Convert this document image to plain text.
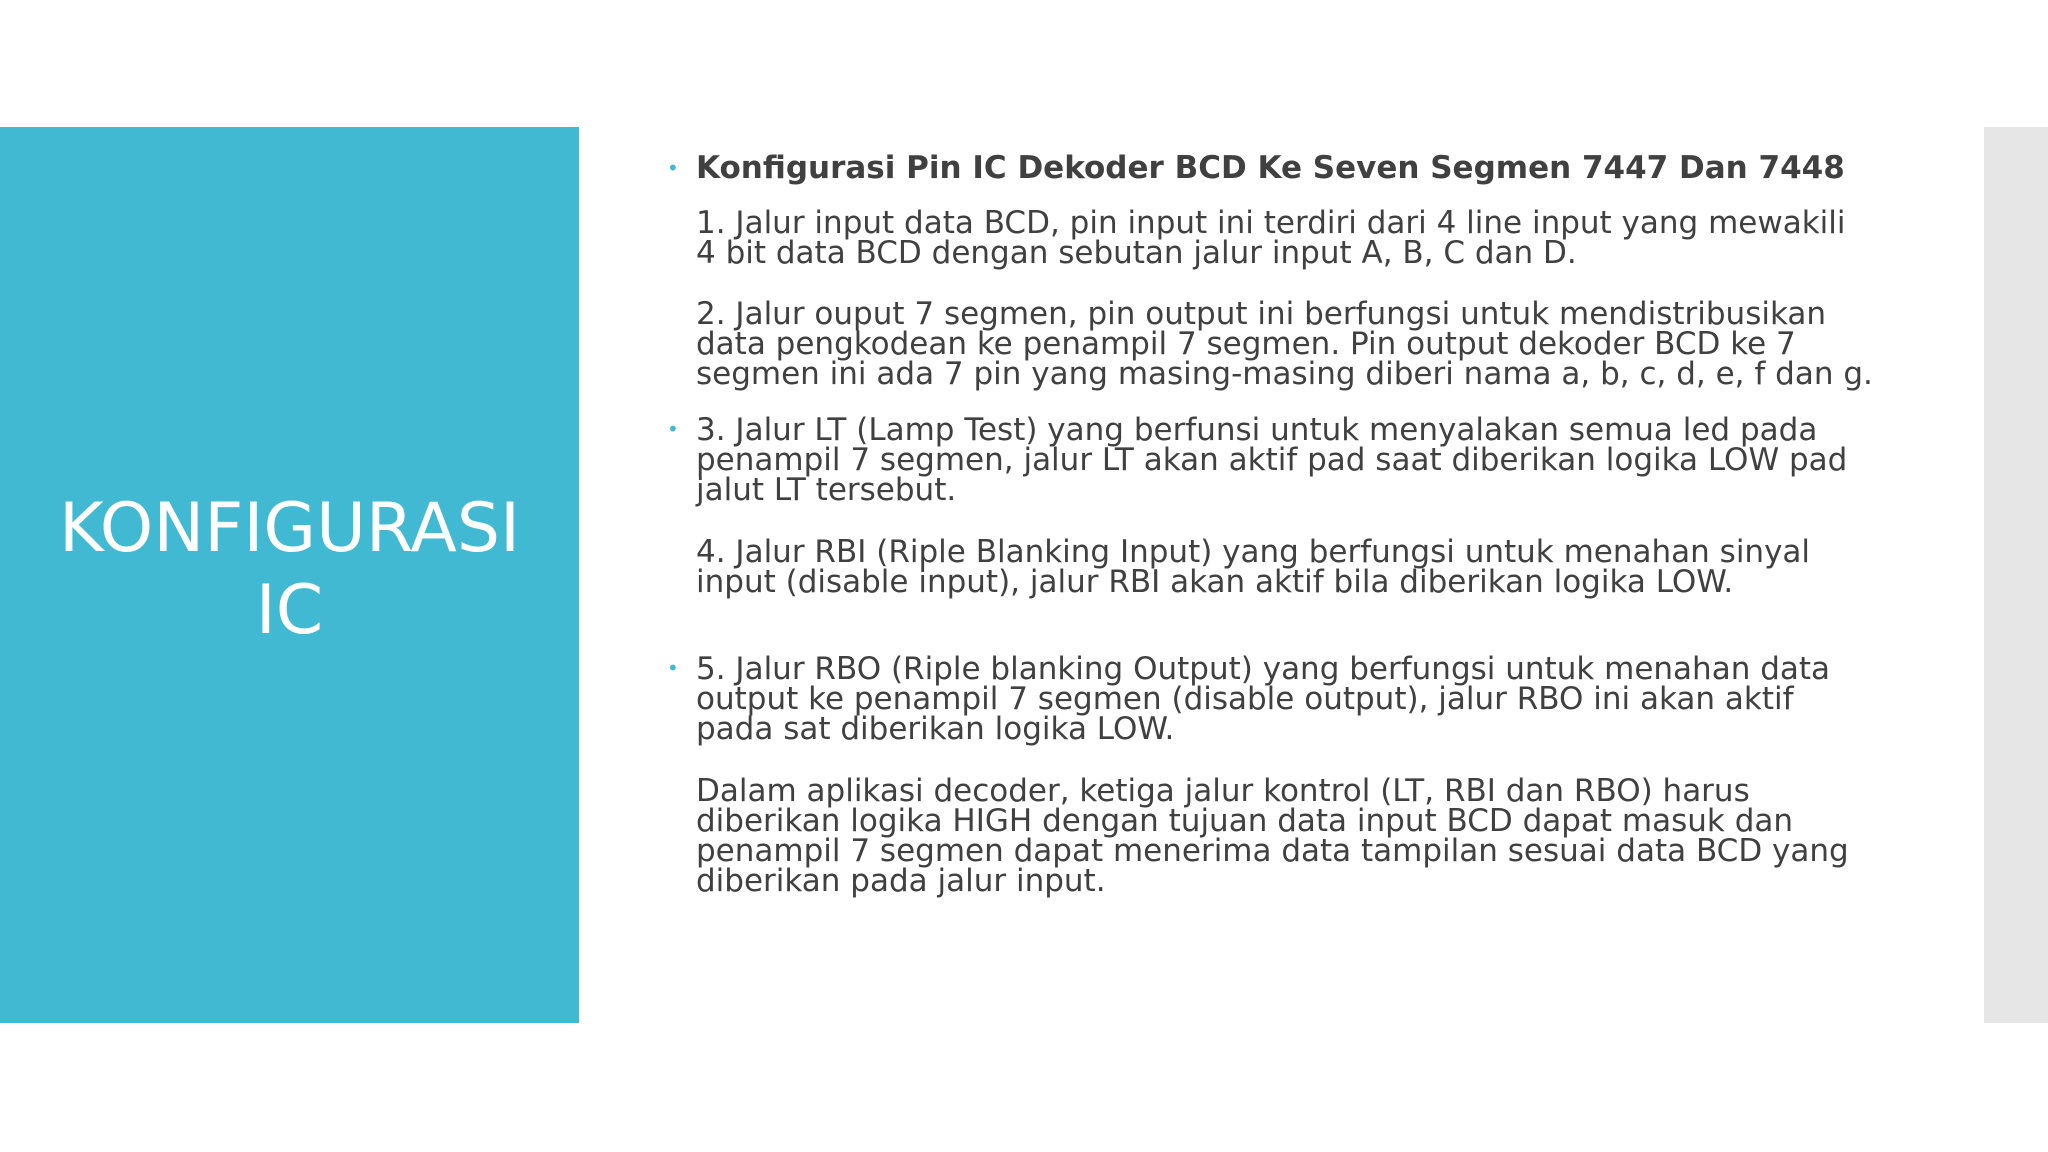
KONFIGURASI
IC
• Konfigurasi Pin IC Dekoder BCD Ke Seven Segmen 7447 Dan 7448

1. Jalur input data BCD, pin input ini terdiri dari 4 line input yang mewakili 4 bit data BCD dengan sebutan jalur input A, B, C dan D.

2. Jalur ouput 7 segmen, pin output ini berfungsi untuk mendistribusikan data pengkodean ke penampil 7 segmen. Pin output dekoder BCD ke 7 segmen ini ada 7 pin yang masing-masing diberi nama a, b, c, d, e, f dan g.

• 3. Jalur LT (Lamp Test) yang berfunsi untuk menyalakan semua led pada penampil 7 segmen, jalur LT akan aktif pad saat diberikan logika LOW pad jalut LT tersebut.

4. Jalur RBI (Riple Blanking Input) yang berfungsi untuk menahan sinyal input (disable input), jalur RBI akan aktif bila diberikan logika LOW.

• 5. Jalur RBO (Riple blanking Output) yang berfungsi untuk menahan data output ke penampil 7 segmen (disable output), jalur RBO ini akan aktif pada sat diberikan logika LOW.

Dalam aplikasi decoder, ketiga jalur kontrol (LT, RBI dan RBO) harus diberikan logika HIGH dengan tujuan data input BCD dapat masuk dan penampil 7 segmen dapat menerima data tampilan sesuai data BCD yang diberikan pada jalur input.
